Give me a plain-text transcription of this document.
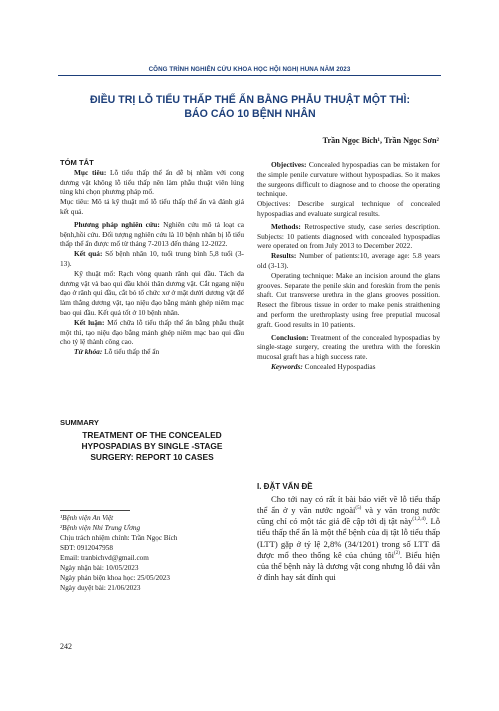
CÔNG TRÌNH NGHIÊN CỨU KHOA HỌC HỘI NGHỊ HUNA NĂM 2023
ĐIỀU TRỊ LỖ TIỂU THẤP THỂ ẨN BẰNG PHẪU THUẬT MỘT THÌ:
BÁO CÁO 10 BỆNH NHÂN
Trần Ngọc Bích¹, Trần Ngọc Sơn²

TÓM TẮT

Mục tiêu: Lỗ tiểu thấp thể ẩn dễ bị nhầm với cong dương vật không lỗ tiểu thấp nên làm phẫu thuật viên lúng túng khi chọn phương pháp mổ.

Mục tiêu: Mô tả kỹ thuật mổ lỗ tiểu thấp thể ẩn và đánh giá kết quả.

Phương pháp nghiên cứu: Nghiên cứu mô tả loạt ca bệnh,hồi cứu. Đối tượng nghiên cứu là 10 bệnh nhân bị lỗ tiểu thấp thể ẩn được mổ từ tháng 7-2013 đến tháng 12-2022.

Kết quả: Số bệnh nhân 10, tuổi trung bình 5,8 tuổi (3-13).

Kỹ thuật mổ: Rạch vòng quanh rãnh qui đầu. Tách da dương vật và bao qui đầu khỏi thân dương vật. Cắt ngang niệu đạo ở rãnh qui đầu, cắt bỏ tổ chức xơ ở mặt dưới dương vật để làm thẳng dương vật, tạo niệu đạo bằng mảnh ghép niêm mạc bao qui đầu. Kết quả tốt ở 10 bệnh nhân.

Kết luận: Mổ chữa lỗ tiểu thấp thể ẩn bằng phẫu thuật một thì, tạo niệu đạo bằng mảnh ghép niêm mạc bao qui đầu cho tỷ lệ thành công cao.

Từ khóa: Lỗ tiểu thấp thể ẩn

SUMMARY

TREATMENT OF THE CONCEALED

HYPOSPADIAS BY SINGLE -STAGE

SURGERY: REPORT 10 CASES

¹Bệnh viện An Việt
²Bệnh viện Nhi Trung Ương
Chịu trách nhiệm chính: Trần Ngọc Bích
SĐT: 0912047958
Email: tranbichvd@gmail.com
Ngày nhận bài: 10/05/2023
Ngày phản biện khoa học: 25/05/2023
Ngày duyệt bài: 21/06/2023
242

Objectives: Concealed hypospadias can be mistaken for the simple penile curvature without hypospadias. So it makes the surgeons difficult to diagnose and to choose the operating technique.

Objectives: Describe surgical technique of concealed hypospadias and evaluate surgical results.

Methods: Retrospective study, case series description. Subjects: 10 patients diagnosed with concealed hypospadias were operated on from July 2013 to December 2022.

Results: Number of patients:10, average age: 5.8 years old (3-13).

Operating technique: Make an incision around the glans grooves. Separate the penile skin and foreskin from the penis shaft. Cut transverse urethra in the glans grooves possition. Resect the fibrous tissue in order to make penis straithening and perform the urethroplasty using free preputial mucosal graft. Good results in 10 patients.

Conclusion: Treatment of the concealed hypospadias by single-stage surgery, creating the urethra with the foreskin mucosal graft has a high success rate.

Keywords: Concealed Hypospadias

I. ĐẶT VẤN ĐỀ

Cho tới nay có rất ít bài báo viết về lỗ tiểu thấp thể ẩn ở y văn nước ngoài$^{(5)}$ và y văn trong nước cũng chỉ có một tác giả đề cập tới dị tật này$^{(1,2,4)}$. Lỗ tiểu thấp thể ẩn là một thể bệnh của dị tật lỗ tiểu thấp (LTT) gặp ở tỷ lệ 2,8% (34/1201) trong số LTT đã được mổ theo thống kê của chúng tôi$^{(2)}$. Biểu hiện của thể bệnh này là dương vật cong nhưng lỗ đái vẫn ở đỉnh hay sát đỉnh qui
